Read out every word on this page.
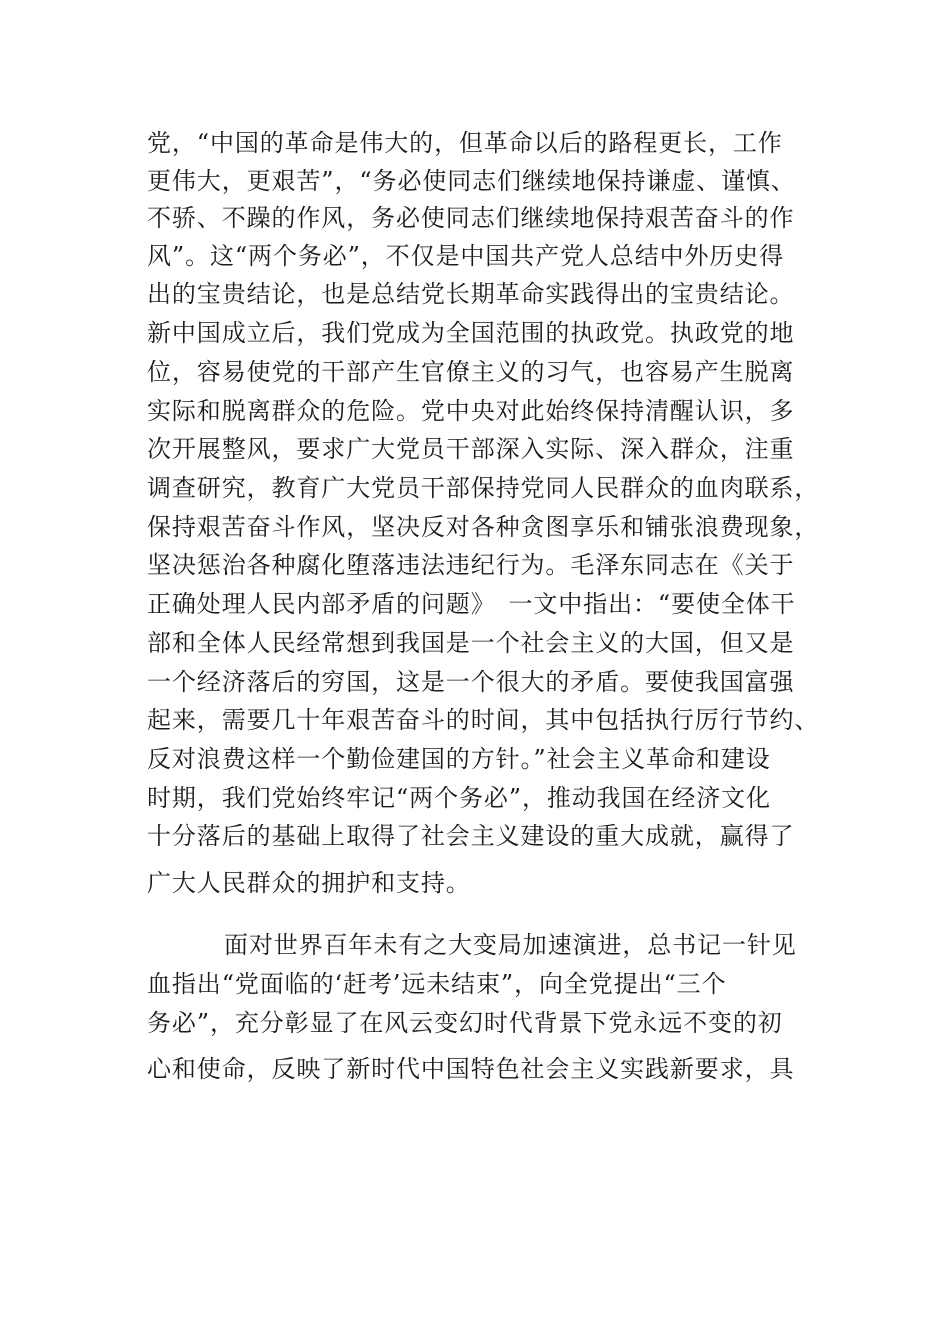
党，“中国的革命是伟大的，但革命以后的路程更长，工作
更伟大，更艰苦”，“务必使同志们继续地保持谦虚、谨慎、
不骄、不躁的作风，务必使同志们继续地保持艰苦奋斗的作
风”。这“两个务必”，不仅是中国共产党人总结中外历史得
出的宝贵结论，也是总结党长期革命实践得出的宝贵结论。
新中国成立后，我们党成为全国范围的执政党。执政党的地
位，容易使党的干部产生官僚主义的习气，也容易产生脱离
实际和脱离群众的危险。党中央对此始终保持清醒认识，多
次开展整风，要求广大党员干部深入实际、深入群众，注重
调查研究，教育广大党员干部保持党同人民群众的血肉联系，
保持艰苦奋斗作风，坚决反对各种贪图享乐和铺张浪费现象，
坚决惩治各种腐化堕落违法违纪行为。毛泽东同志在《关于
正确处理人民内部矛盾的问题》　一文中指出：“要使全体干
部和全体人民经常想到我国是一个社会主义的大国，但又是
一个经济落后的穷国，这是一个很大的矛盾。要使我国富强
起来，需要几十年艰苦奋斗的时间，其中包括执行厉行节约、
反对浪费这样一个勤俭建国的方针。”社会主义革命和建设
时期，我们党始终牢记“两个务必”，推动我国在经济文化
十分落后的基础上取得了社会主义建设的重大成就，赢得了
广大人民群众的拥护和支持。
面对世界百年未有之大变局加速演进，总书记一针见
血指出“党面临的‘赶考’远未结束”，向全党提出“三个
务必”，充分彰显了在风云变幻时代背景下党永远不变的初
心和使命，反映了新时代中国特色社会主义实践新要求，具
